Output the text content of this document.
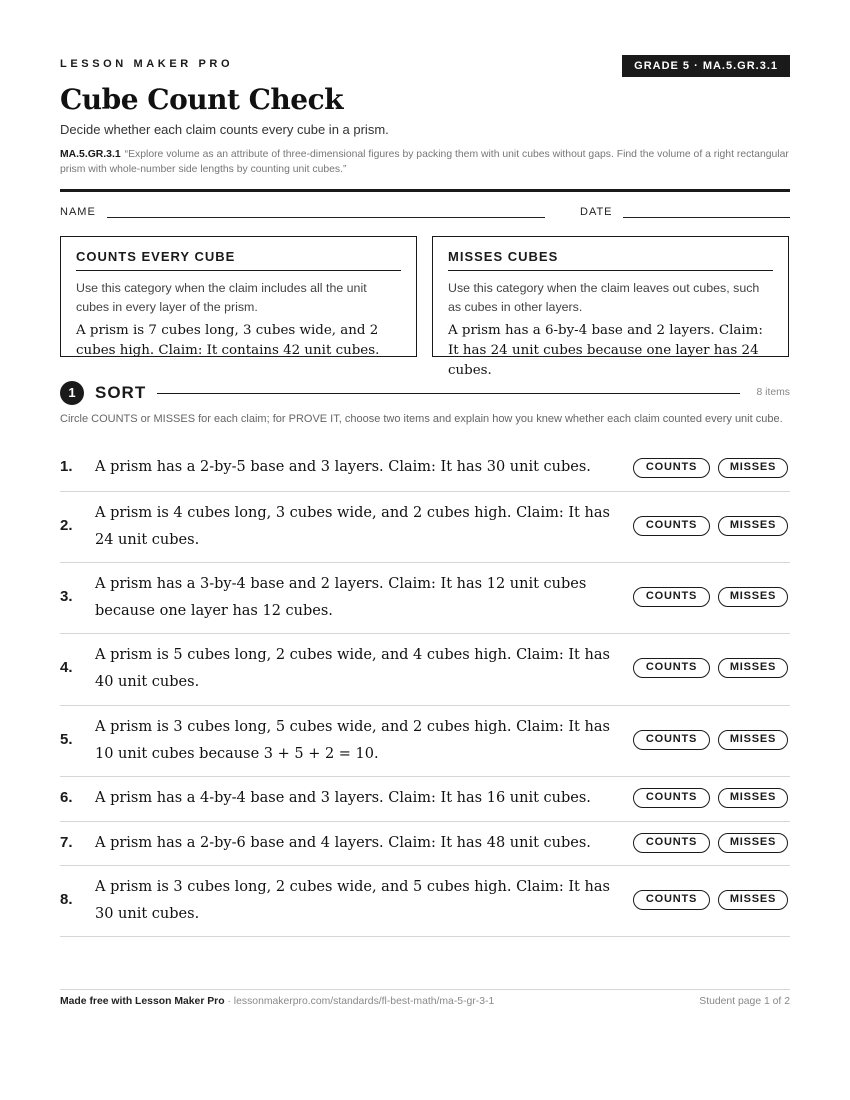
LESSON MAKER PRO	GRADE 5 · MA.5.GR.3.1
Cube Count Check
Decide whether each claim counts every cube in a prism.
MA.5.GR.3.1 “Explore volume as an attribute of three-dimensional figures by packing them with unit cubes without gaps. Find the volume of a right rectangular prism with whole-number side lengths by counting unit cubes.”
NAME	DATE
COUNTS EVERY CUBE
Use this category when the claim includes all the unit cubes in every layer of the prism.
A prism is 7 cubes long, 3 cubes wide, and 2 cubes high. Claim: It contains 42 unit cubes.
MISSES CUBES
Use this category when the claim leaves out cubes, such as cubes in other layers.
A prism has a 6-by-4 base and 2 layers. Claim: It has 24 unit cubes because one layer has 24 cubes.
1	SORT	8 items
Circle COUNTS or MISSES for each claim; for PROVE IT, choose two items and explain how you knew whether each claim counted every unit cube.
1. A prism has a 2-by-5 base and 3 layers. Claim: It has 30 unit cubes.	COUNTS	MISSES
2.
A prism is 4 cubes long, 3 cubes wide, and 2 cubes high. Claim: It has 24 unit cubes.
COUNTS	MISSES
3.
A prism has a 3-by-4 base and 2 layers. Claim: It has 12 unit cubes because one layer has 12 cubes.
COUNTS	MISSES
4.
A prism is 5 cubes long, 2 cubes wide, and 4 cubes high. Claim: It has 40 unit cubes.
COUNTS	MISSES
5.
A prism is 3 cubes long, 5 cubes wide, and 2 cubes high. Claim: It has 10 unit cubes because 3 + 5 + 2 = 10.
COUNTS	MISSES
6. A prism has a 4-by-4 base and 3 layers. Claim: It has 16 unit cubes.	COUNTS	MISSES
7. A prism has a 2-by-6 base and 4 layers. Claim: It has 48 unit cubes.	COUNTS	MISSES
8.
A prism is 3 cubes long, 2 cubes wide, and 5 cubes high. Claim: It has 30 unit cubes.
COUNTS	MISSES
Made free with Lesson Maker Pro · lessonmakerpro.com/standards/fl-best-math/ma-5-gr-3-1	Student page 1 of 2
